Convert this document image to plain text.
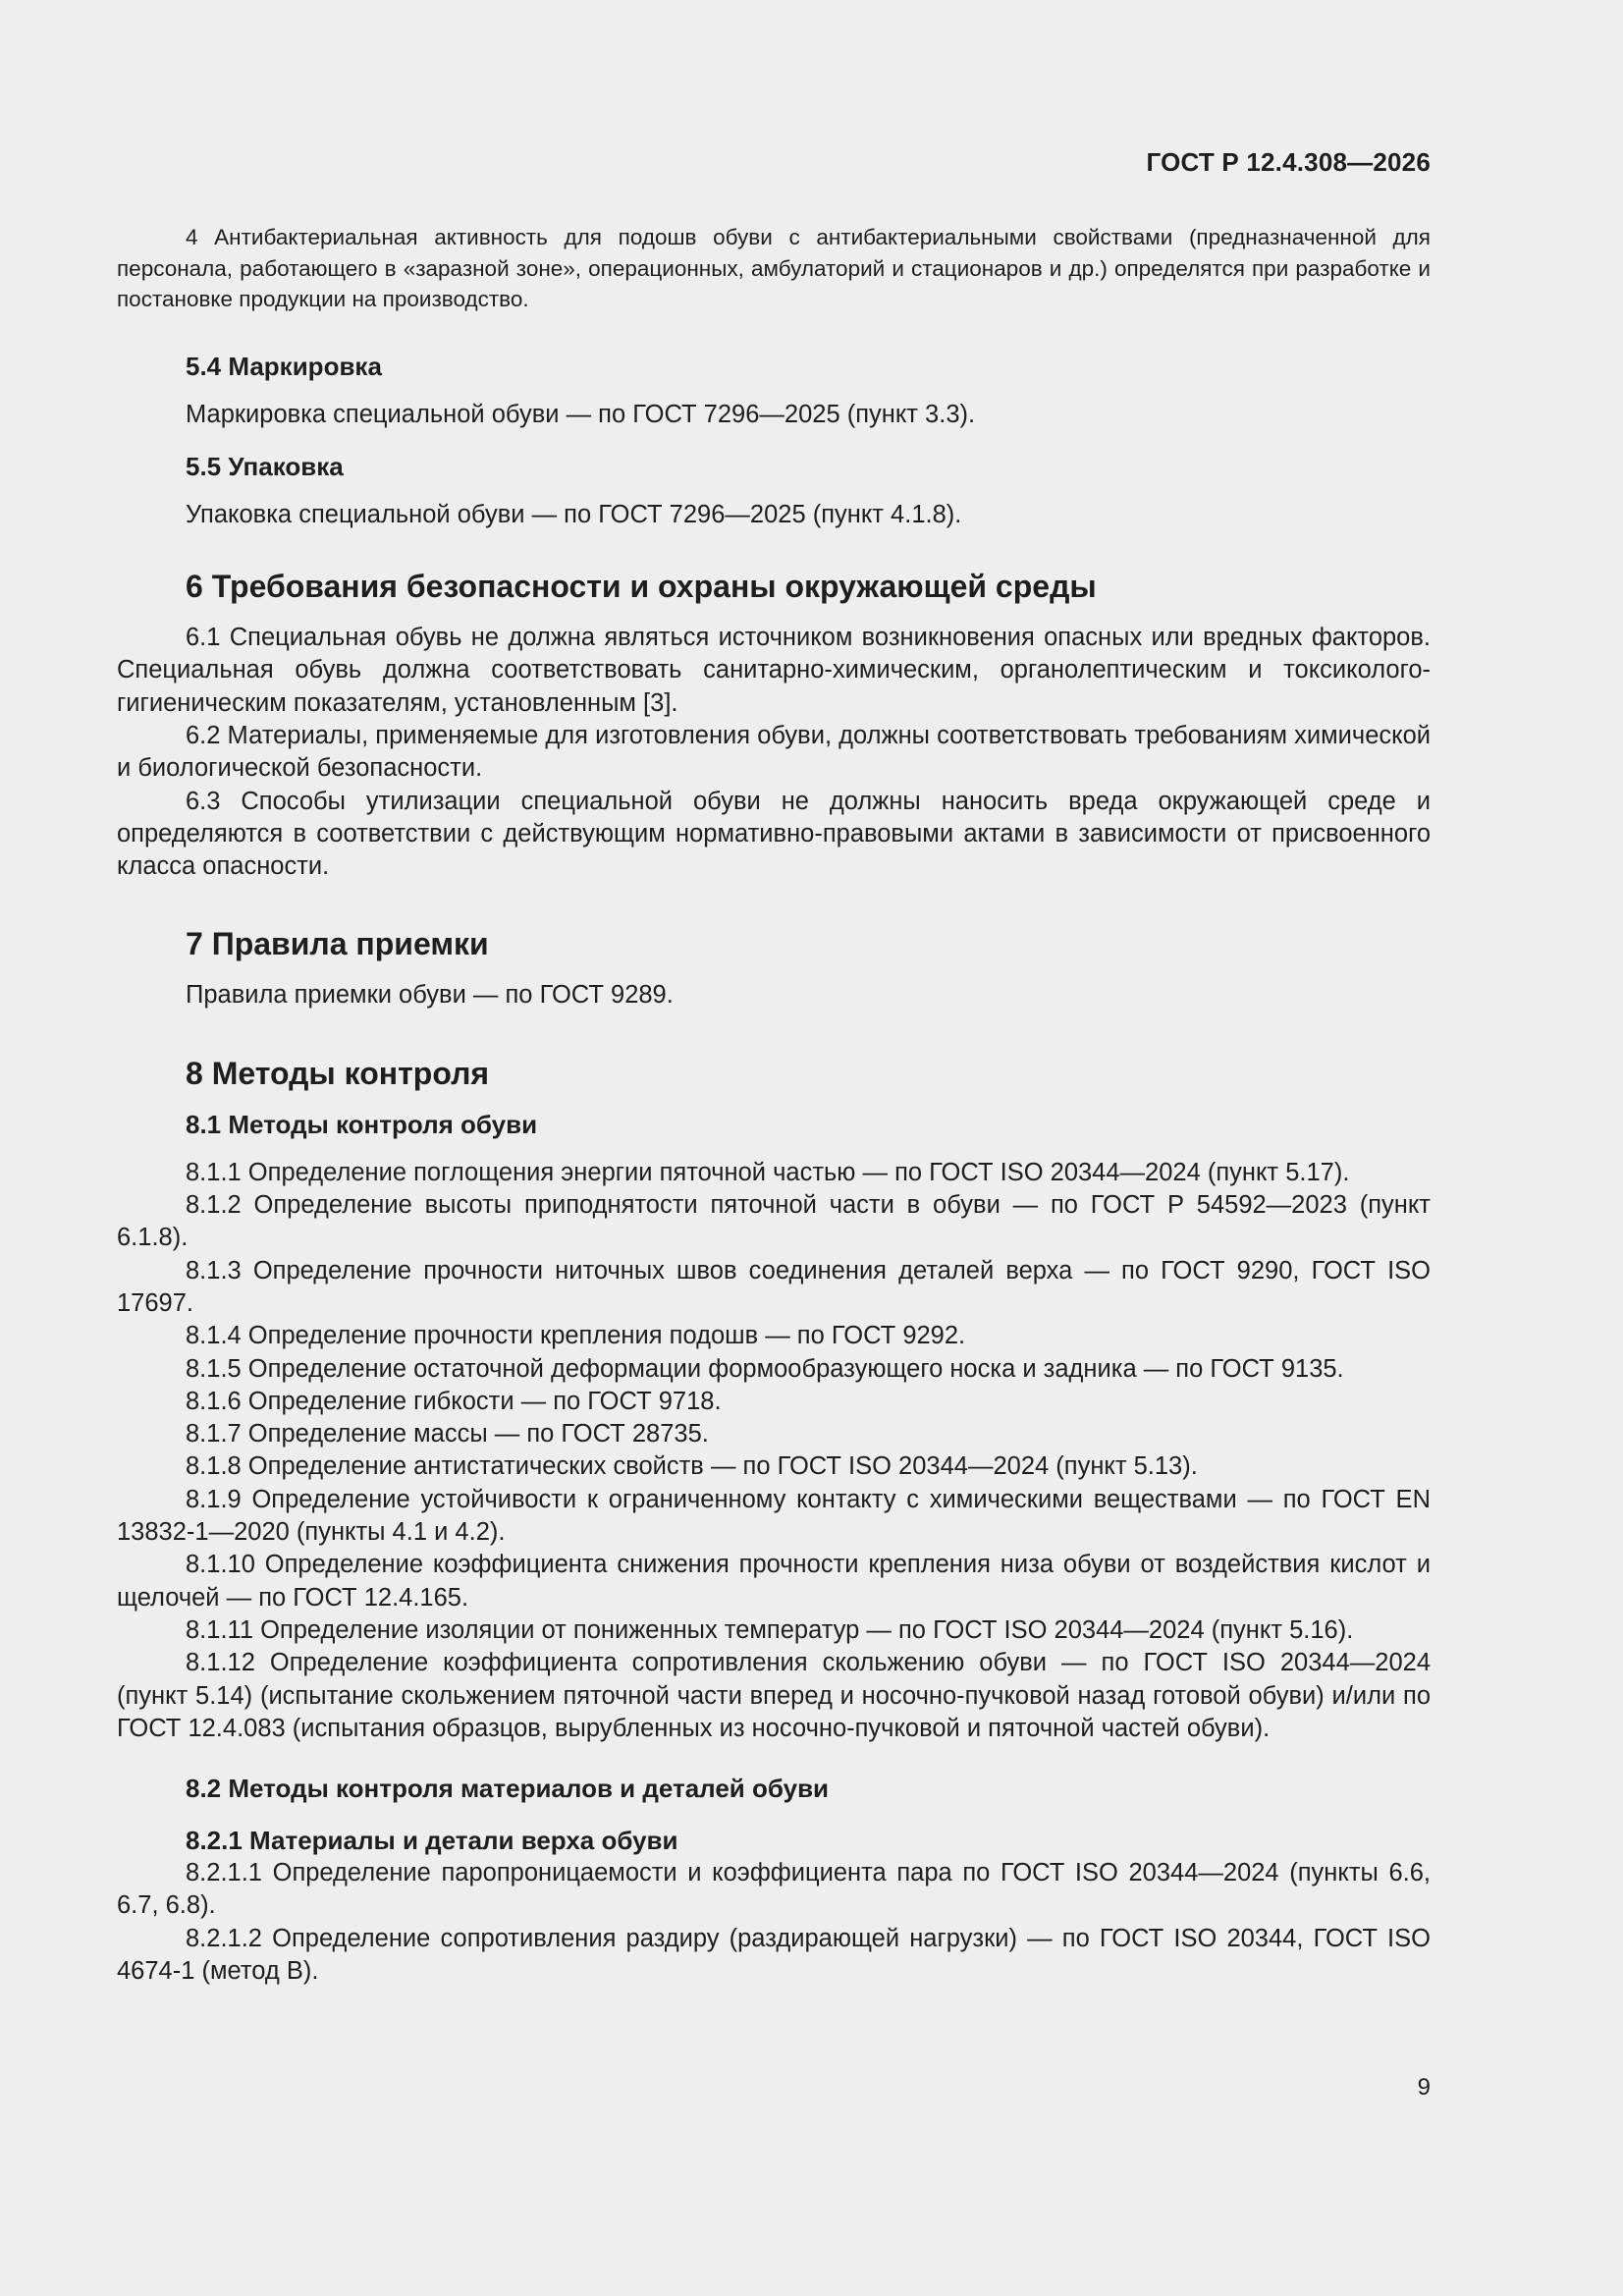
ГОСТ Р 12.4.308—2026

4 Антибактериальная активность для подошв обуви с антибактериальными свойствами (предназначенной для персонала, работающего в «заразной зоне», операционных, амбулаторий и стационаров и др.) определятся при разработке и постановке продукции на производство.

5.4 Маркировка

Маркировка специальной обуви — по ГОСТ 7296—2025 (пункт 3.3).

5.5 Упаковка

Упаковка специальной обуви — по ГОСТ 7296—2025 (пункт 4.1.8).

6 Требования безопасности и охраны окружающей среды

6.1 Специальная обувь не должна являться источником возникновения опасных или вредных факторов. Специальная обувь должна соответствовать санитарно-химическим, органолептическим и токсиколого-гигиеническим показателям, установленным [3].

6.2 Материалы, применяемые для изготовления обуви, должны соответствовать требованиям химической и биологической безопасности.

6.3 Способы утилизации специальной обуви не должны наносить вреда окружающей среде и определяются в соответствии с действующим нормативно-правовыми актами в зависимости от присвоенного класса опасности.

7 Правила приемки

Правила приемки обуви — по ГОСТ 9289.

8 Методы контроля
8.1 Методы контроля обуви

8.1.1 Определение поглощения энергии пяточной частью — по ГОСТ ISO 20344—2024 (пункт 5.17).

8.1.2 Определение высоты приподнятости пяточной части в обуви — по ГОСТ Р 54592—2023 (пункт 6.1.8).

8.1.3 Определение прочности ниточных швов соединения деталей верха — по ГОСТ 9290, ГОСТ ISO 17697.

8.1.4 Определение прочности крепления подошв — по ГОСТ 9292.

8.1.5 Определение остаточной деформации формообразующего носка и задника — по ГОСТ 9135.

8.1.6 Определение гибкости — по ГОСТ 9718.

8.1.7 Определение массы — по ГОСТ 28735.

8.1.8 Определение антистатических свойств — по ГОСТ ISO 20344—2024 (пункт 5.13).

8.1.9 Определение устойчивости к ограниченному контакту с химическими веществами — по ГОСТ EN 13832-1—2020 (пункты 4.1 и 4.2).

8.1.10 Определение коэффициента снижения прочности крепления низа обуви от воздействия кислот и щелочей — по ГОСТ 12.4.165.

8.1.11 Определение изоляции от пониженных температур — по ГОСТ ISO 20344—2024 (пункт 5.16).

8.1.12 Определение коэффициента сопротивления скольжению обуви — по ГОСТ ISO 20344—2024 (пункт 5.14) (испытание скольжением пяточной части вперед и носочно-пучковой назад готовой обуви) и/или по ГОСТ 12.4.083 (испытания образцов, вырубленных из носочно-пучковой и пяточной частей обуви).

8.2 Методы контроля материалов и деталей обуви
8.2.1 Материалы и детали верха обуви

8.2.1.1 Определение паропроницаемости и коэффициента пара по ГОСТ ISO 20344—2024 (пункты 6.6, 6.7, 6.8).

8.2.1.2 Определение сопротивления раздиру (раздирающей нагрузки) — по ГОСТ ISO 20344, ГОСТ ISO 4674-1 (метод В).

9
